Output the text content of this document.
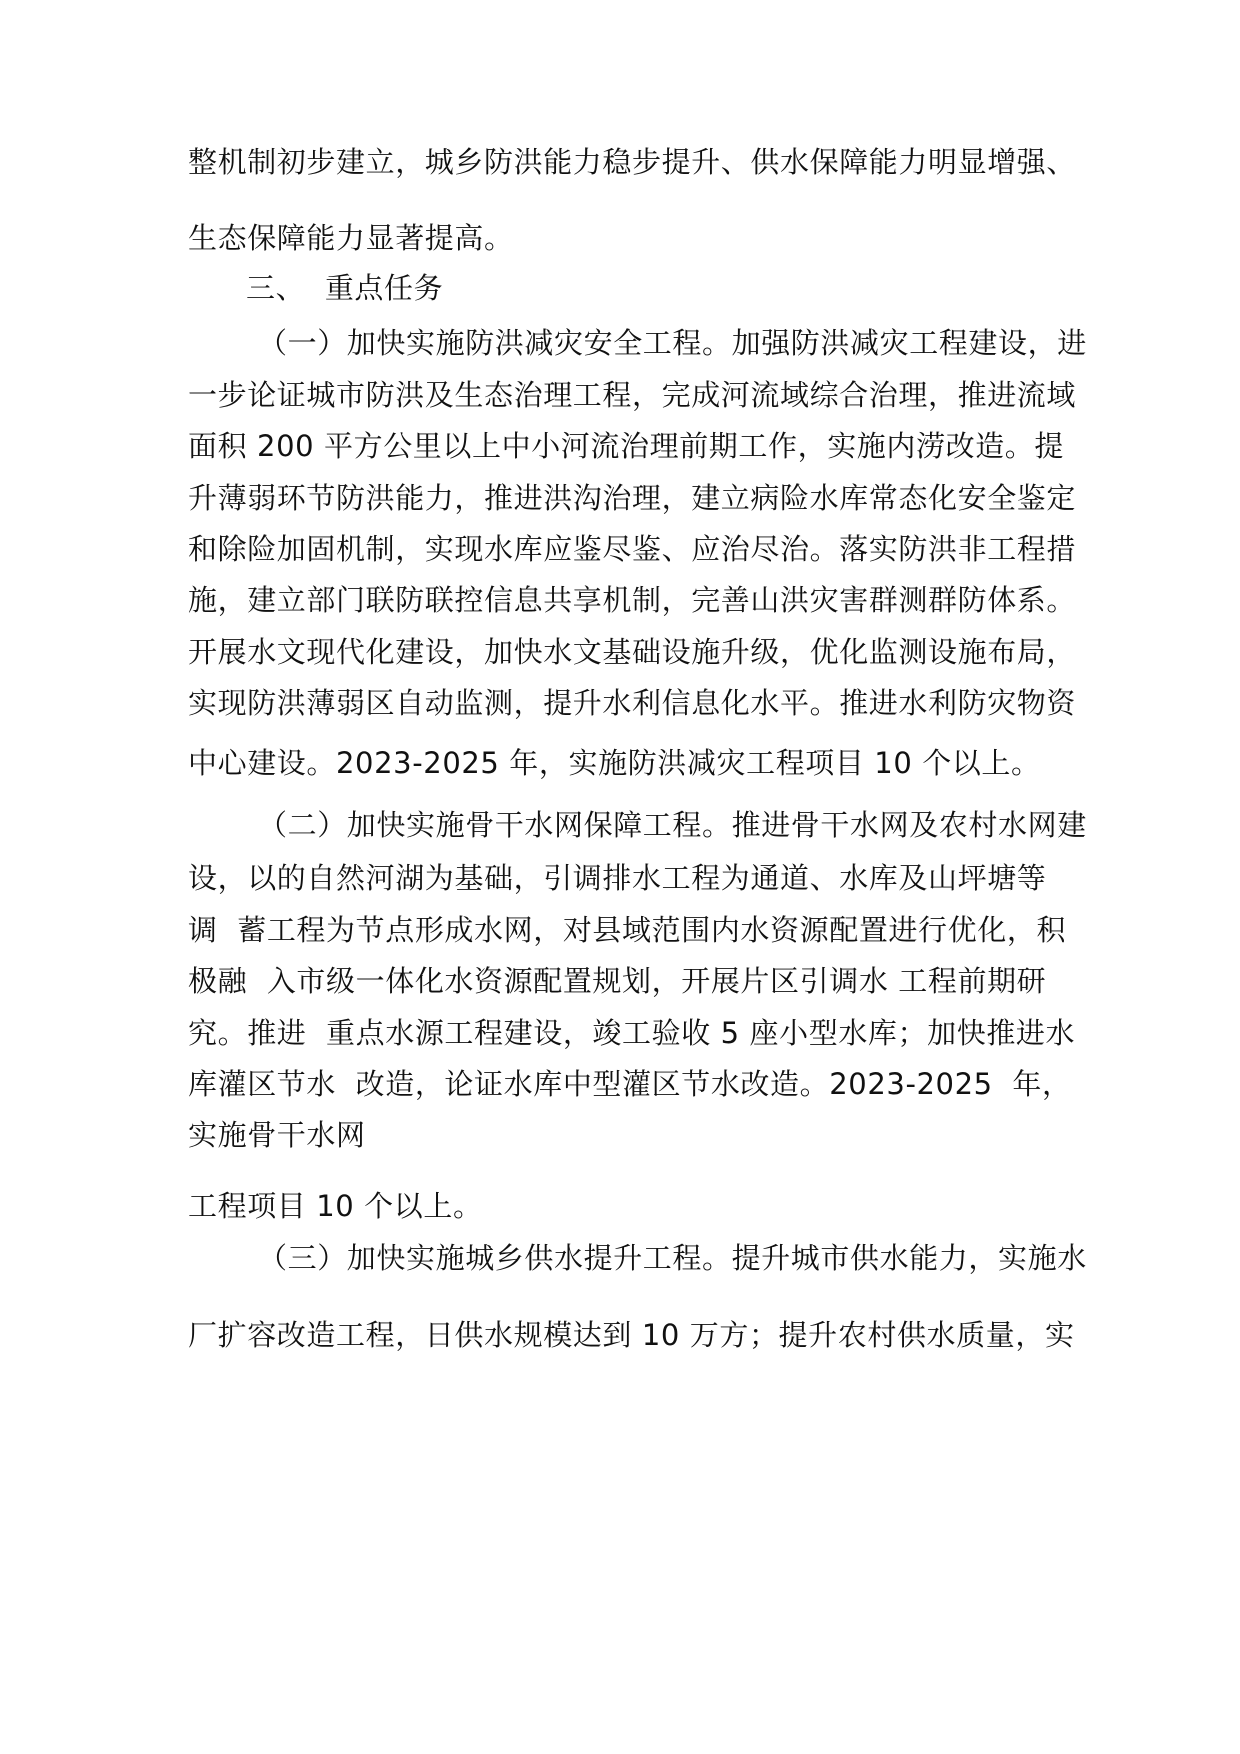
整机制初步建立，城乡防洪能力稳步提升、供水保障能力明显增强、

生态保障能力显著提高。

三、  重点任务

（一）加快实施防洪减灾安全工程。加强防洪减灾工程建设，进

一步论证城市防洪及生态治理工程，完成河流域综合治理，推进流域

面积 200 平方公里以上中小河流治理前期工作，实施内涝改造。提

升薄弱环节防洪能力，推进洪沟治理，建立病险水库常态化安全鉴定

和除险加固机制，实现水库应鉴尽鉴、应治尽治。落实防洪非工程措

施，建立部门联防联控信息共享机制，完善山洪灾害群测群防体系。

开展水文现代化建设，加快水文基础设施升级，优化监测设施布局，

实现防洪薄弱区自动监测，提升水利信息化水平。推进水利防灾物资

中心建设。2023-2025 年，实施防洪减灾工程项目 10 个以上。

（二）加快实施骨干水网保障工程。推进骨干水网及农村水网建

设，以的自然河湖为基础，引调排水工程为通道、水库及山坪塘等

调  蓄工程为节点形成水网，对县域范围内水资源配置进行优化，积

极融  入市级一体化水资源配置规划，开展片区引调水 工程前期研

究。推进  重点水源工程建设，竣工验收 5 座小型水库；加快推进水

库灌区节水  改造，论证水库中型灌区节水改造。2023-2025  年，

实施骨干水网

工程项目 10 个以上。

（三）加快实施城乡供水提升工程。提升城市供水能力，实施水

厂扩容改造工程，日供水规模达到 10 万方；提升农村供水质量，实
